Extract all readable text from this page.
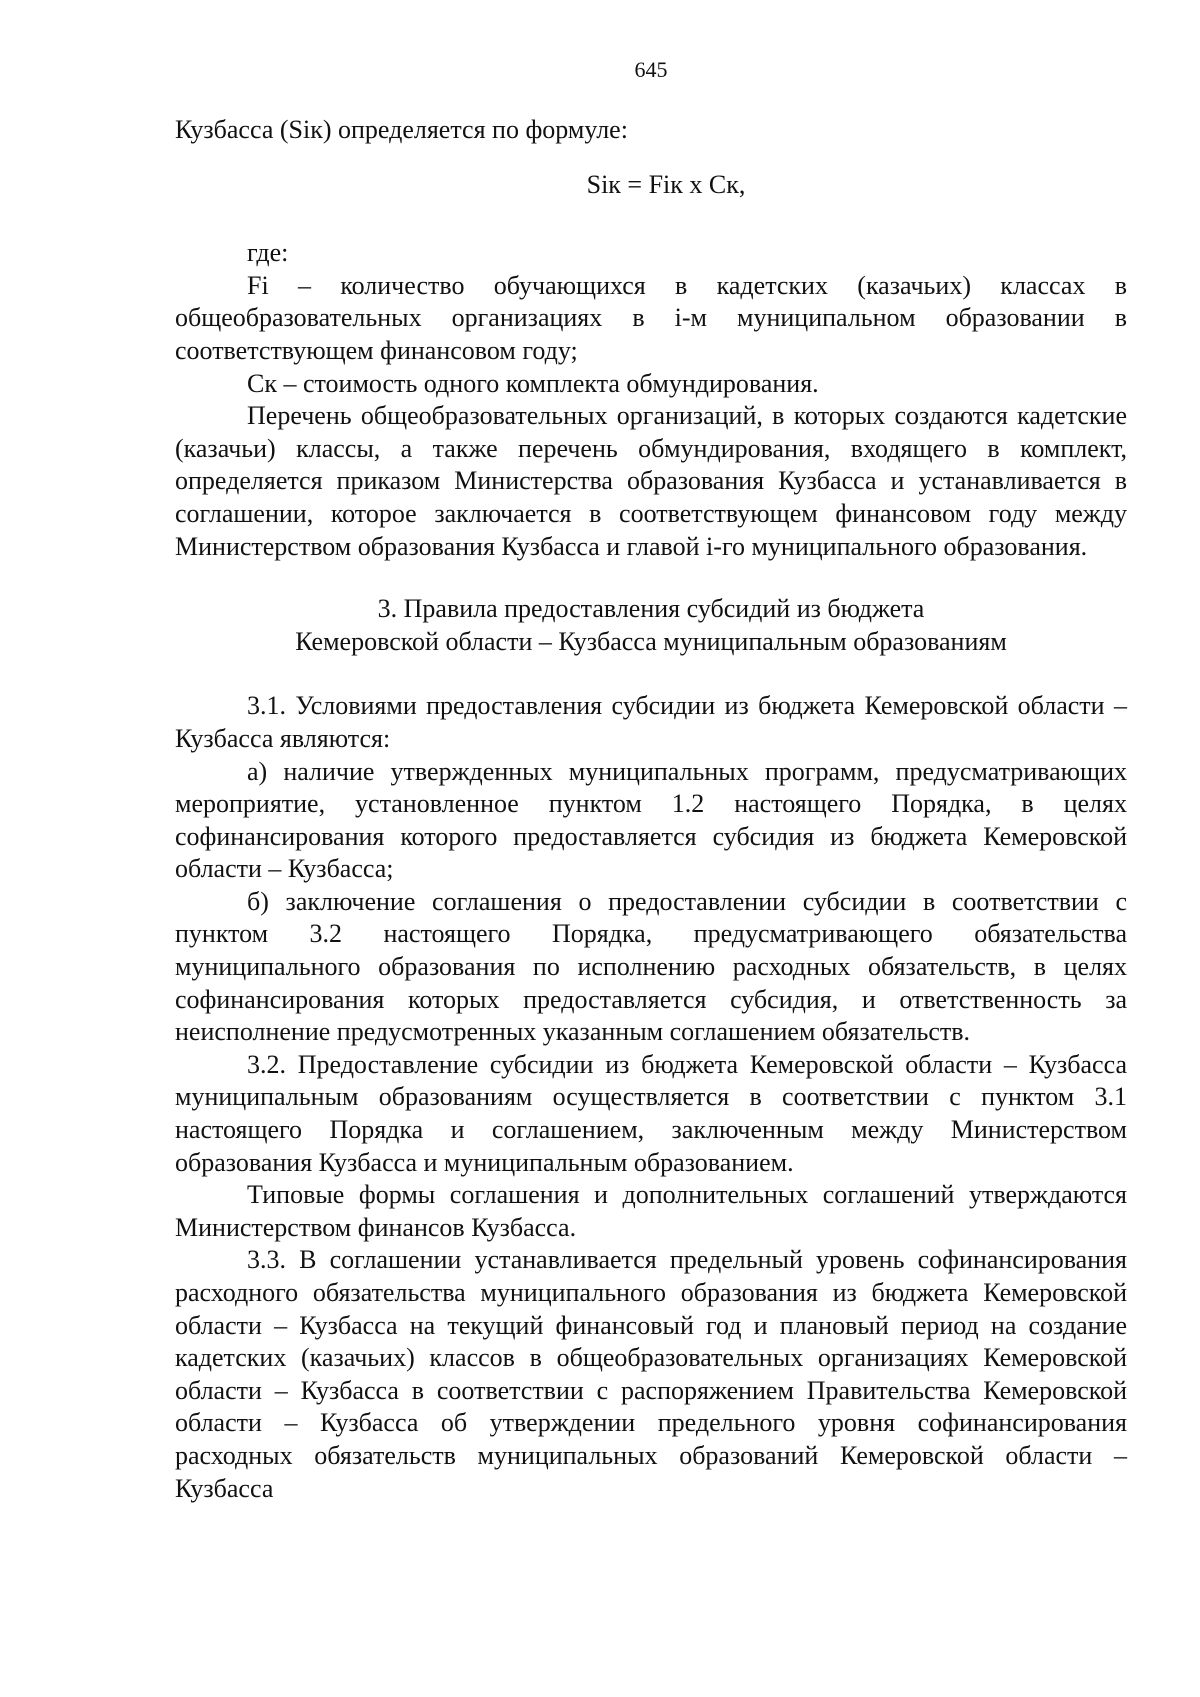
645

Кузбасса (Sік) определяется по формуле:

Sік = Fік х Ск,

где:

Fi – количество обучающихся в кадетских (казачьих) классах в общеобразовательных организациях в i-м муниципальном образовании в соответствующем финансовом году;

Ск – стоимость одного комплекта обмундирования.

Перечень общеобразовательных организаций, в которых создаются кадетские (казачьи) классы, а также перечень обмундирования, входящего в комплект, определяется приказом Министерства образования Кузбасса и устанавливается в соглашении, которое заключается в соответствующем финансовом году между Министерством образования Кузбасса и главой i-го муниципального образования.

3. Правила предоставления субсидий из бюджета
Кемеровской области – Кузбасса муниципальным образованиям

3.1. Условиями предоставления субсидии из бюджета Кемеровской области – Кузбасса являются:

а) наличие утвержденных муниципальных программ, предусматривающих мероприятие, установленное пунктом 1.2 настоящего Порядка, в целях софинансирования которого предоставляется субсидия из бюджета Кемеровской области – Кузбасса;

б) заключение соглашения о предоставлении субсидии в соответствии с пунктом 3.2 настоящего Порядка, предусматривающего обязательства муниципального образования по исполнению расходных обязательств, в целях софинансирования которых предоставляется субсидия, и ответственность за неисполнение предусмотренных указанным соглашением обязательств.

3.2. Предоставление субсидии из бюджета Кемеровской области – Кузбасса муниципальным образованиям осуществляется в соответствии с пунктом 3.1 настоящего Порядка и соглашением, заключенным между Министерством образования Кузбасса и муниципальным образованием.

Типовые формы соглашения и дополнительных соглашений утверждаются Министерством финансов Кузбасса.

3.3. В соглашении устанавливается предельный уровень софинансирования расходного обязательства муниципального образования из бюджета Кемеровской области – Кузбасса на текущий финансовый год и плановый период на создание кадетских (казачьих) классов в общеобразовательных организациях Кемеровской области – Кузбасса в соответствии с распоряжением Правительства Кемеровской области – Кузбасса об утверждении предельного уровня софинансирования расходных обязательств муниципальных образований Кемеровской области – Кузбасса
